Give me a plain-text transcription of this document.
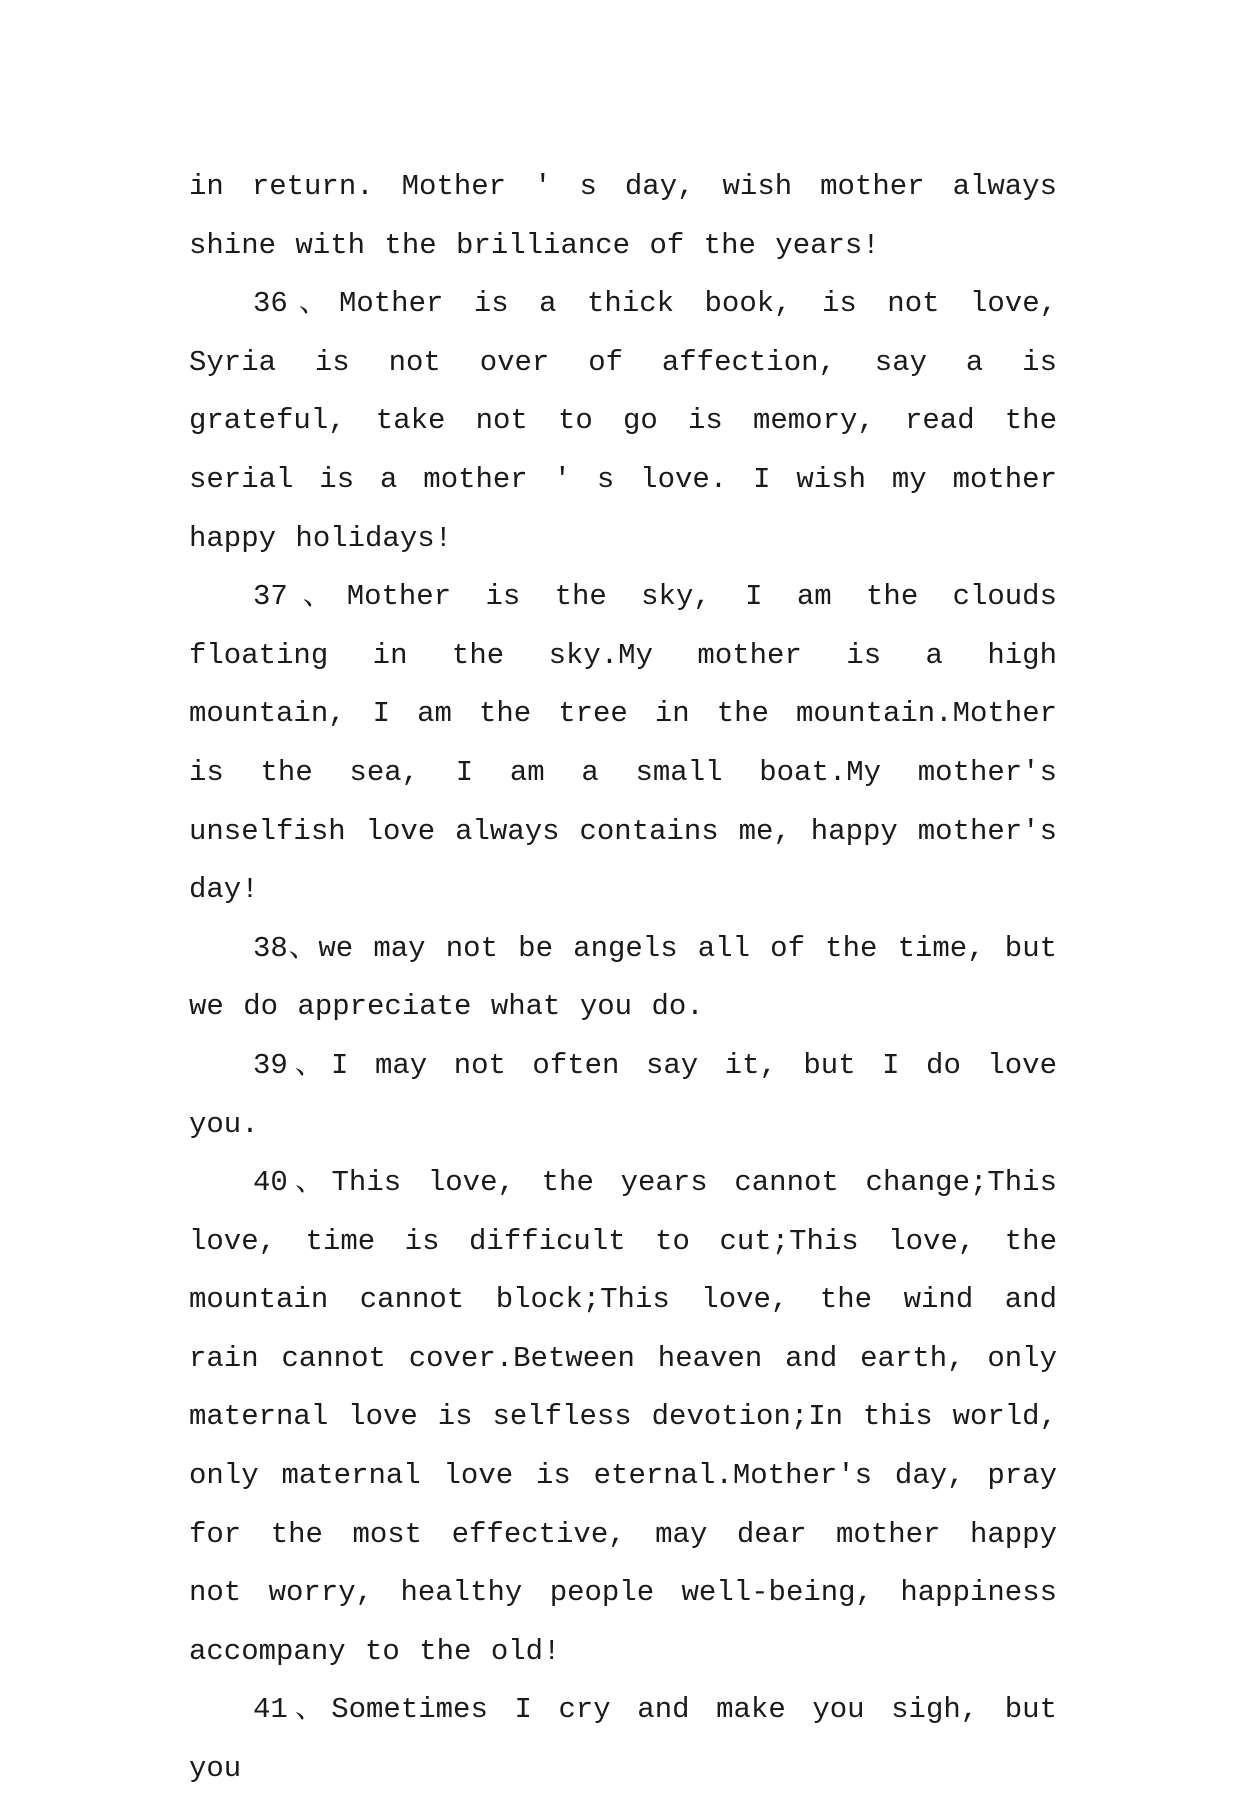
in return. Mother ' s day, wish mother always shine with the brilliance of the years!

36、Mother is a thick book, is not love, Syria is not over of affection, say a is grateful, take not to go is memory, read the serial is a mother ' s love. I wish my mother happy holidays!

37、Mother is the sky, I am the clouds floating in the sky.My mother is a high mountain, I am the tree in the mountain.Mother is the sea, I am a small boat.My mother's unselfish love always contains me, happy mother's day!

38、we may not be angels all of the time, but we do appreciate what you do.

39、I may not often say it, but I do love you.

40、This love, the years cannot change;This love, time is difficult to cut;This love, the mountain cannot block;This love, the wind and rain cannot cover.Between heaven and earth, only maternal love is selfless devotion;In this world, only maternal love is eternal.Mother's day, pray for the most effective, may dear mother happy not worry, healthy people well-being, happiness accompany to the old!

41、Sometimes I cry and make you sigh, but you
